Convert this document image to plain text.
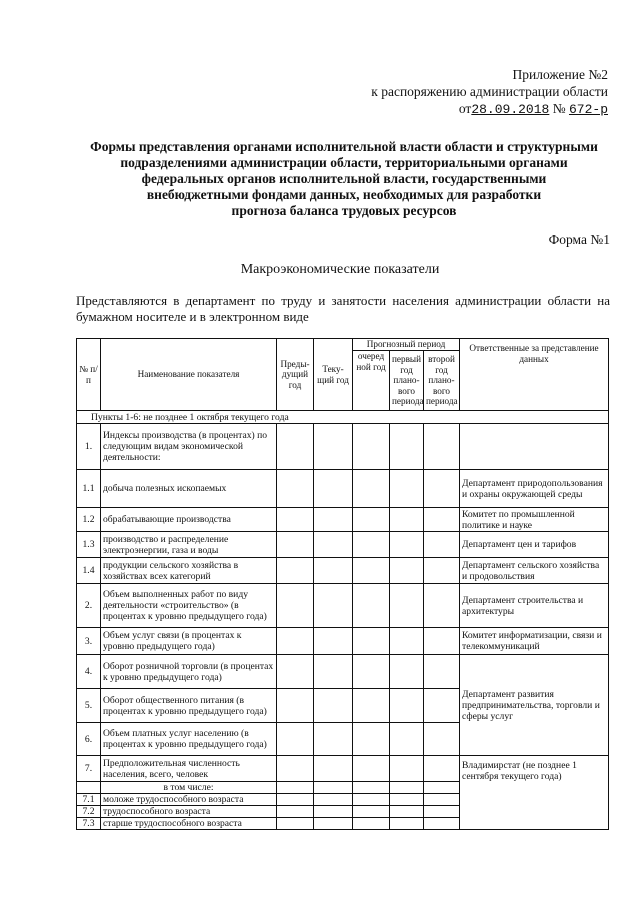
Приложение №2
к распоряжению администрации области
от28.09.2018 № 672-р
Формы представления органами исполнительной власти области и структурными
подразделениями администрации области, территориальными органами
федеральных органов исполнительной власти, государственными
внебюджетными фондами данных, необходимых для разработки
прогноза баланса трудовых ресурсов
Форма №1
Макроэкономические показатели
Представляются в департамент по труду и занятости населения администрации области на бумажном носителе и в электронном виде
№ п/п	Наименование показателя	Преды-дущий год	Теку-щий год	Прогнозный период			Ответственные за представление данных
				очеред ной год	первый год плано-вого периода	второй год плано-вого периода	
Пункты 1-6: не позднее 1 октября текущего года							
1.	Индексы производства (в процентах) по следующим видам экономической деятельности:						
1.1	добыча полезных ископаемых						Департамент природопользования и охраны окружающей среды
1.2	обрабатывающие производства						Комитет по промышленной политике и науке
1.3	производство и распределение электроэнергии, газа и воды						Департамент цен и тарифов
1.4	продукции сельского хозяйства в хозяйствах всех категорий						Департамент сельского хозяйства и продовольствия
2.	Объем выполненных работ по виду деятельности «строительство» (в процентах к уровню предыдущего года)						Департамент строительства и архитектуры
3.	Объем услуг связи (в процентах к уровню предыдущего года)						Комитет информатизации, связи и телекоммуникаций
4.	Оборот розничной торговли (в процентах к уровню предыдущего года)						Департамент развития предпринимательства, торговли и сферы услуг
5.	Оборот общественного питания (в процентах к уровню предыдущего года)						
6.	Объем платных услуг населению (в процентах к уровню предыдущего года)						
7.	Предположительная численность населения, всего, человек						Владимирстат (не позднее 1 сентября текущего года)
	в том числе:						
7.1	моложе трудоспособного возраста						
7.2	трудоспособного возраста						
7.3	старше трудоспособного возраста						
